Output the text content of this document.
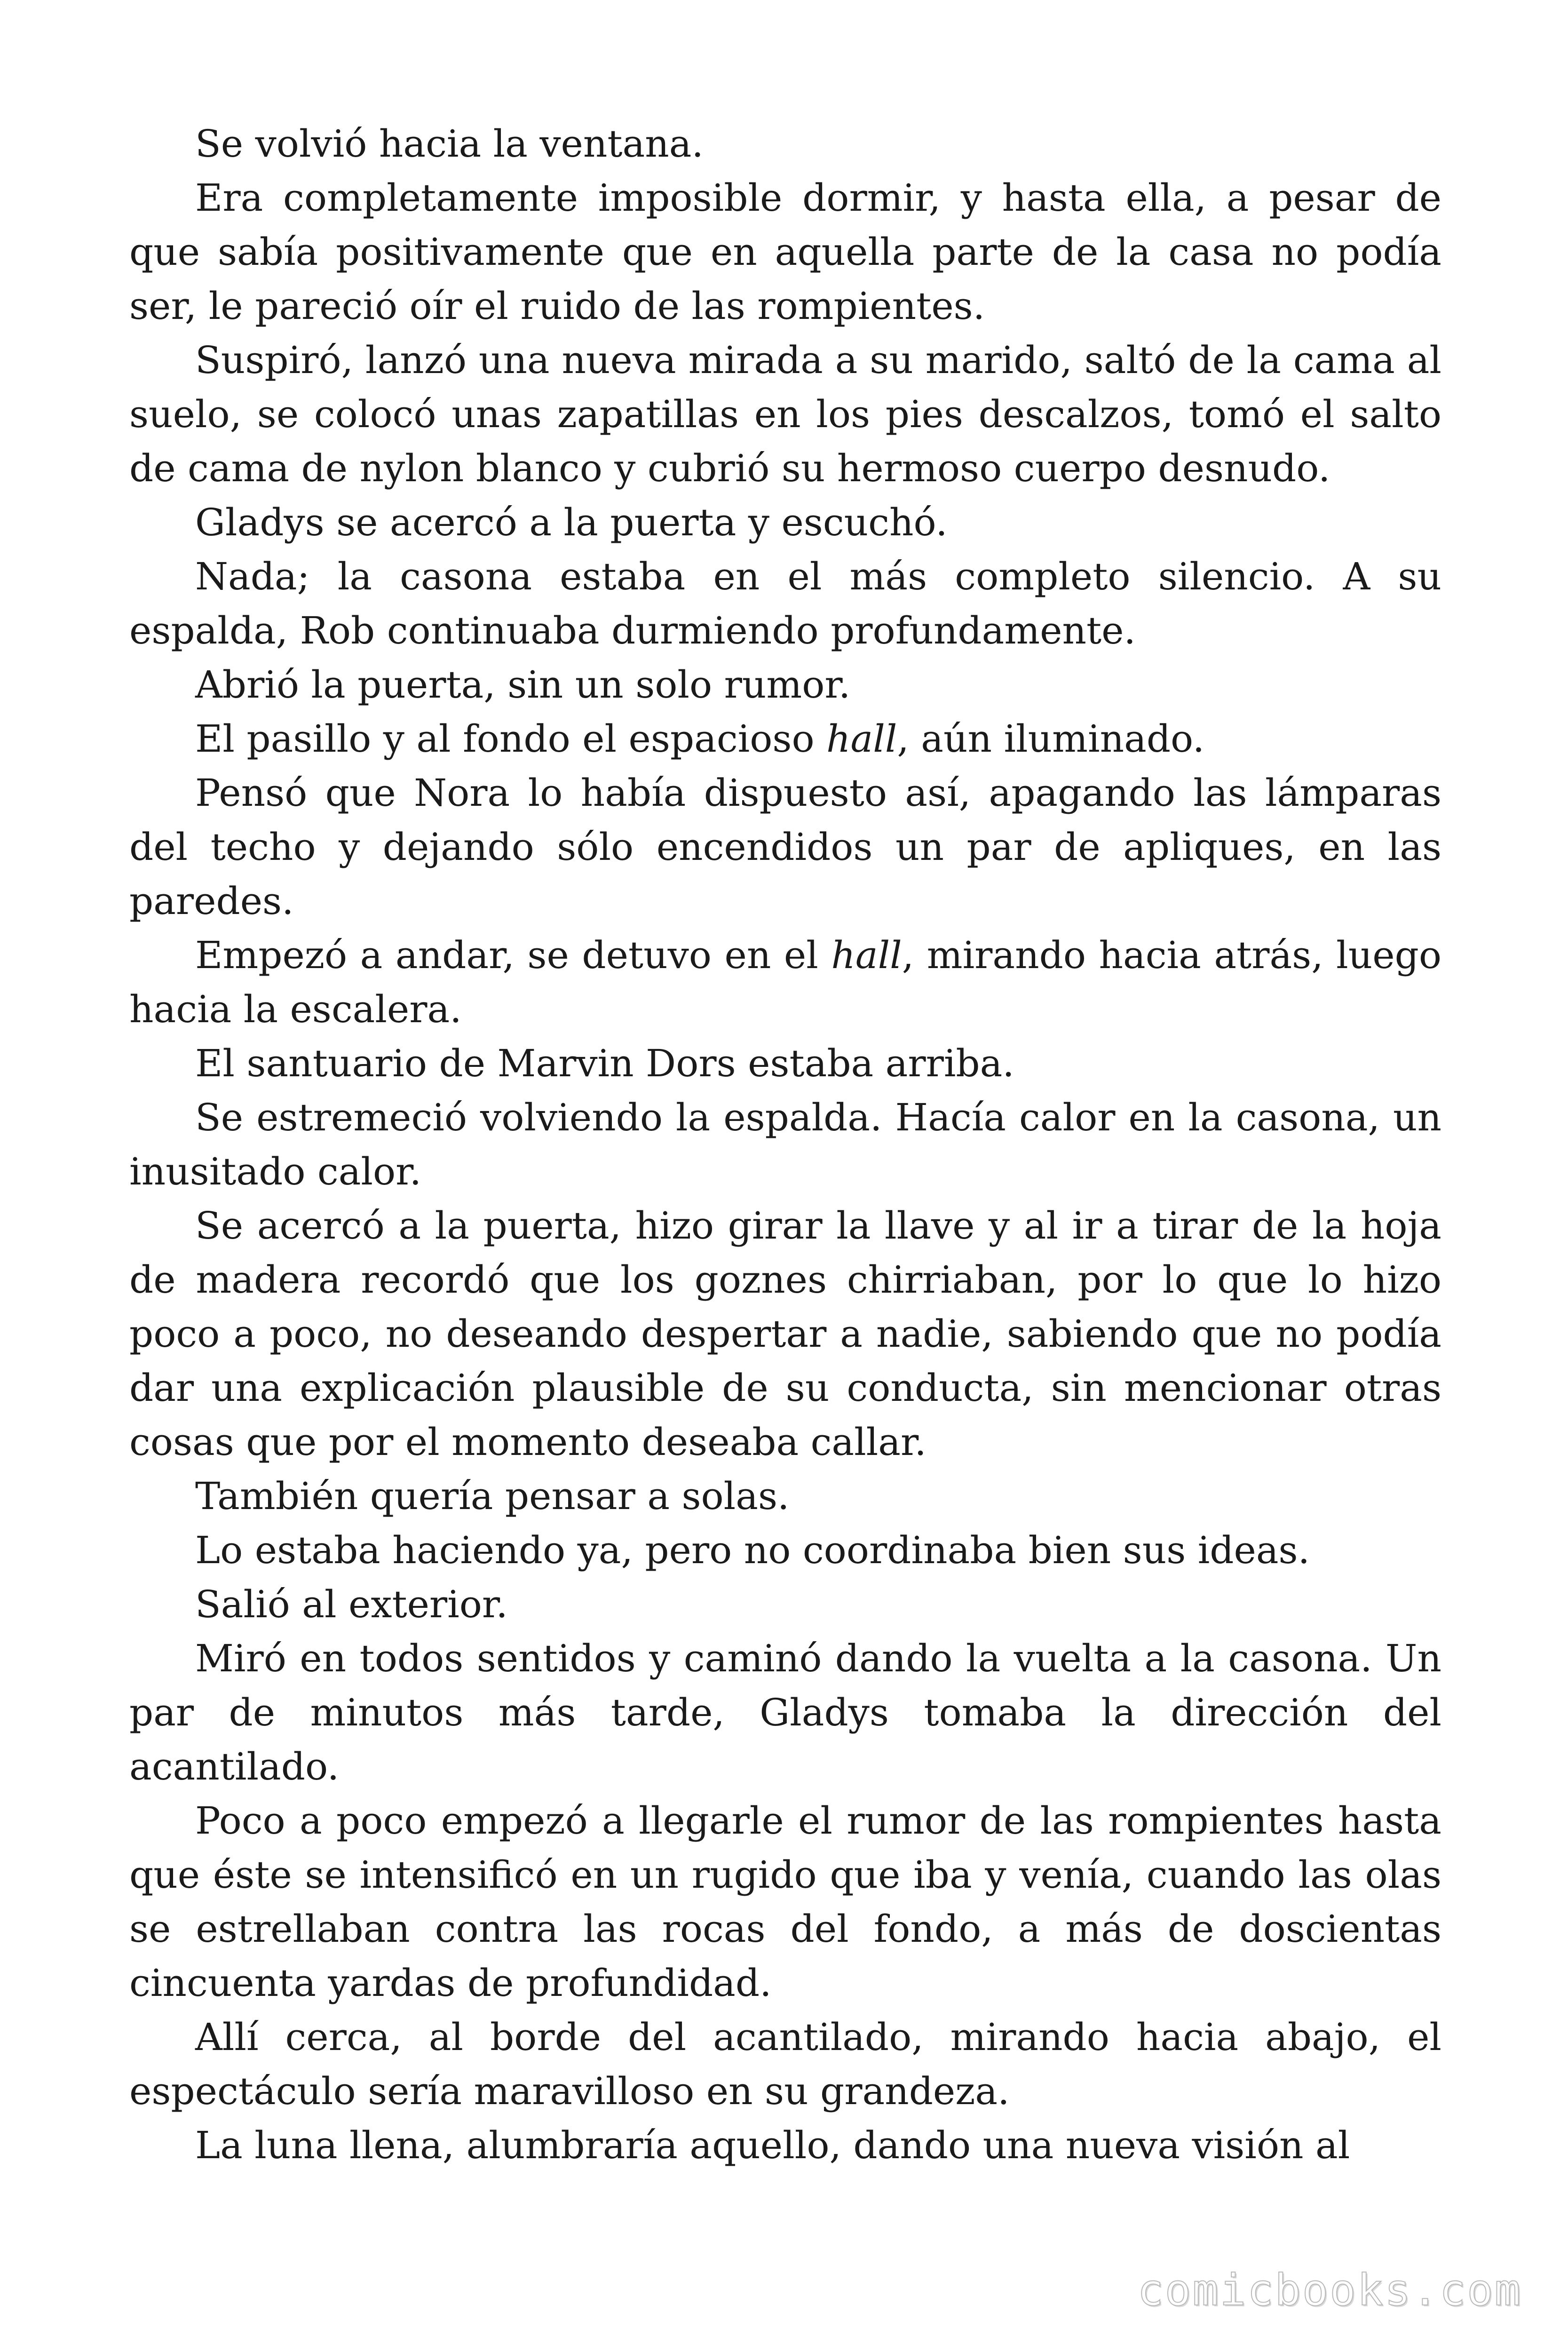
Se volvió hacia la ventana.

Era completamente imposible dormir, y hasta ella, a pesar de que sabía positivamente que en aquella parte de la casa no podía ser, le pareció oír el ruido de las rompientes.

Suspiró, lanzó una nueva mirada a su marido, saltó de la cama al suelo, se colocó unas zapatillas en los pies descalzos, tomó el salto de cama de nylon blanco y cubrió su hermoso cuerpo desnudo.

Gladys se acercó a la puerta y escuchó.

Nada; la casona estaba en el más completo silencio. A su espalda, Rob continuaba durmiendo profundamente.

Abrió la puerta, sin un solo rumor.

El pasillo y al fondo el espacioso hall, aún iluminado.

Pensó que Nora lo había dispuesto así, apagando las lámparas del techo y dejando sólo encendidos un par de apliques, en las paredes.

Empezó a andar, se detuvo en el hall, mirando hacia atrás, luego hacia la escalera.

El santuario de Marvin Dors estaba arriba.

Se estremeció volviendo la espalda. Hacía calor en la casona, un inusitado calor.

Se acercó a la puerta, hizo girar la llave y al ir a tirar de la hoja de madera recordó que los goznes chirriaban, por lo que lo hizo poco a poco, no deseando despertar a nadie, sabiendo que no podía dar una explicación plausible de su conducta, sin mencionar otras cosas que por el momento deseaba callar.

También quería pensar a solas.

Lo estaba haciendo ya, pero no coordinaba bien sus ideas.

Salió al exterior.

Miró en todos sentidos y caminó dando la vuelta a la casona. Un par de minutos más tarde, Gladys tomaba la dirección del acantilado.

Poco a poco empezó a llegarle el rumor de las rompientes hasta que éste se intensificó en un rugido que iba y venía, cuando las olas se estrellaban contra las rocas del fondo, a más de doscientas cincuenta yardas de profundidad.

Allí cerca, al borde del acantilado, mirando hacia abajo, el espectáculo sería maravilloso en su grandeza.

La luna llena, alumbraría aquello, dando una nueva visión al

comicbooks.com
